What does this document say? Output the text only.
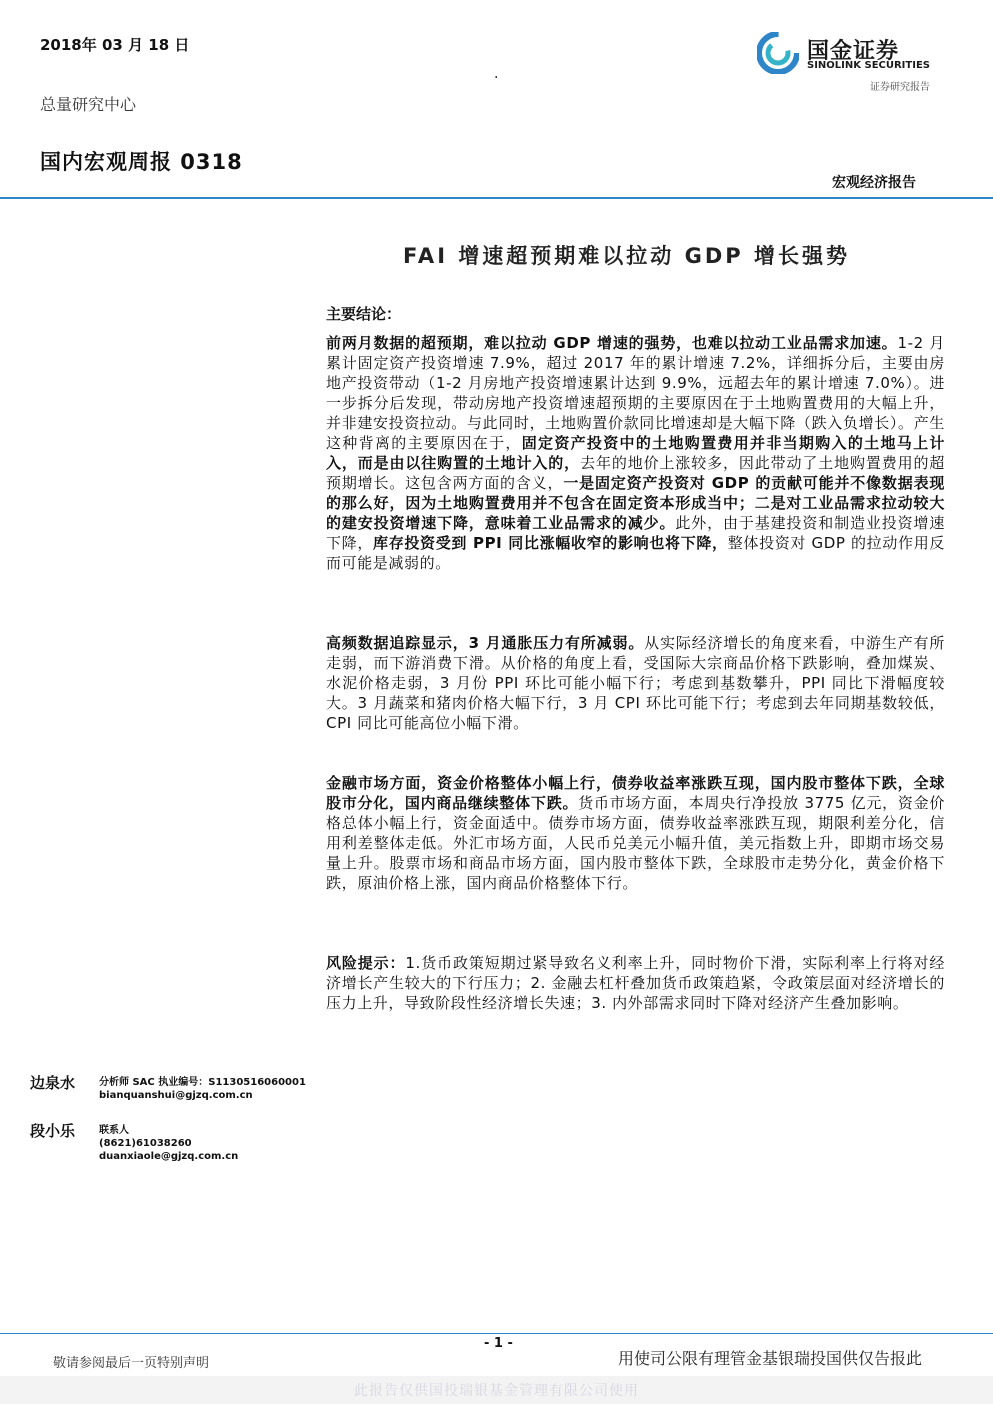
2018年 03 月 18 日
总量研究中心
国内宏观周报 0318
.
国金证券
SINOLINK SECURITIES
证券研究报告
宏观经济报告
FAI 增速超预期难以拉动 GDP 增长强势
主要结论：

前两月数据的超预期，难以拉动 GDP 增速的强势，也难以拉动工业品需求加速。1-2 月累计固定资产投资增速 7.9%，超过 2017 年的累计增速 7.2%，详细拆分后，主要由房地产投资带动（1-2 月房地产投资增速累计达到 9.9%，远超去年的累计增速 7.0%）。进一步拆分后发现，带动房地产投资增速超预期的主要原因在于土地购置费用的大幅上升，并非建安投资拉动。与此同时，土地购置价款同比增速却是大幅下降（跌入负增长）。产生这种背离的主要原因在于，固定资产投资中的土地购置费用并非当期购入的土地马上计入，而是由以往购置的土地计入的，去年的地价上涨较多，因此带动了土地购置费用的超预期增长。这包含两方面的含义，一是固定资产投资对 GDP 的贡献可能并不像数据表现的那么好，因为土地购置费用并不包含在固定资本形成当中；二是对工业品需求拉动较大的建安投资增速下降，意味着工业品需求的减少。此外，由于基建投资和制造业投资增速下降，库存投资受到 PPI 同比涨幅收窄的影响也将下降，整体投资对 GDP 的拉动作用反而可能是减弱的。

高频数据追踪显示，3 月通胀压力有所减弱。从实际经济增长的角度来看，中游生产有所走弱，而下游消费下滑。从价格的角度上看，受国际大宗商品价格下跌影响，叠加煤炭、水泥价格走弱，3 月份 PPI 环比可能小幅下行；考虑到基数攀升，PPI 同比下滑幅度较大。3 月蔬菜和猪肉价格大幅下行，3 月 CPI 环比可能下行；考虑到去年同期基数较低，CPI 同比可能高位小幅下滑。

金融市场方面，资金价格整体小幅上行，债券收益率涨跌互现，国内股市整体下跌，全球股市分化，国内商品继续整体下跌。货币市场方面，本周央行净投放 3775 亿元，资金价格总体小幅上行，资金面适中。债券市场方面，债券收益率涨跌互现，期限利差分化，信用利差整体走低。外汇市场方面，人民币兑美元小幅升值，美元指数上升，即期市场交易量上升。股票市场和商品市场方面，国内股市整体下跌，全球股市走势分化，黄金价格下跌，原油价格上涨，国内商品价格整体下行。

风险提示：1.货币政策短期过紧导致名义利率上升，同时物价下滑，实际利率上行将对经济增长产生较大的下行压力；2. 金融去杠杆叠加货币政策趋紧，令政策层面对经济增长的压力上升，导致阶段性经济增长失速；3. 内外部需求同时下降对经济产生叠加影响。

边泉水 分析师 SAC 执业编号：S1130516060001
bianquanshui@gjzq.com.cn
段小乐 联系人
(8621)61038260
duanxiaole@gjzq.com.cn
- 1 -
敬请参阅最后一页特别声明	用使司公限有理管金基银瑞投国供仅告报此
此报告仅供国投瑞银基金管理有限公司使用
